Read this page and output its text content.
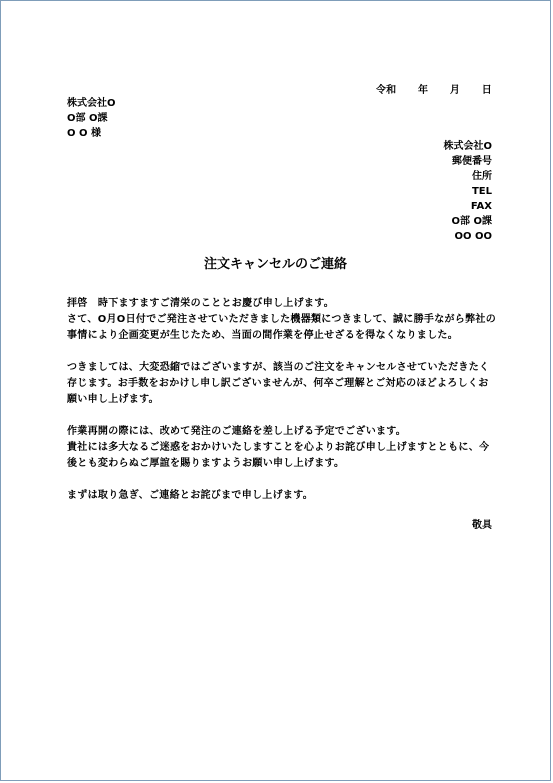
令和 年 月 日
株式会社O
O部 O課
O O 様
株式会社O
郵便番号
住所
TEL
FAX
O部 O課
OO OO
注文キャンセルのご連絡

拝啓　時下ますますご清栄のこととお慶び申し上げます。
さて、O月O日付でご発注させていただきました機器類につきまして、誠に勝手ながら弊社の事情により企画変更が生じたため、当面の間作業を停止せざるを得なくなりました。

つきましては、大変恐縮ではございますが、該当のご注文をキャンセルさせていただきたく存じます。お手数をおかけし申し訳ございませんが、何卒ご理解とご対応のほどよろしくお願い申し上げます。

作業再開の際には、改めて発注のご連絡を差し上げる予定でございます。
貴社には多大なるご迷惑をおかけいたしますことを心よりお詫び申し上げますとともに、今後とも変わらぬご厚誼を賜りますようお願い申し上げます。

まずは取り急ぎ、ご連絡とお詫びまで申し上げます。

敬具
